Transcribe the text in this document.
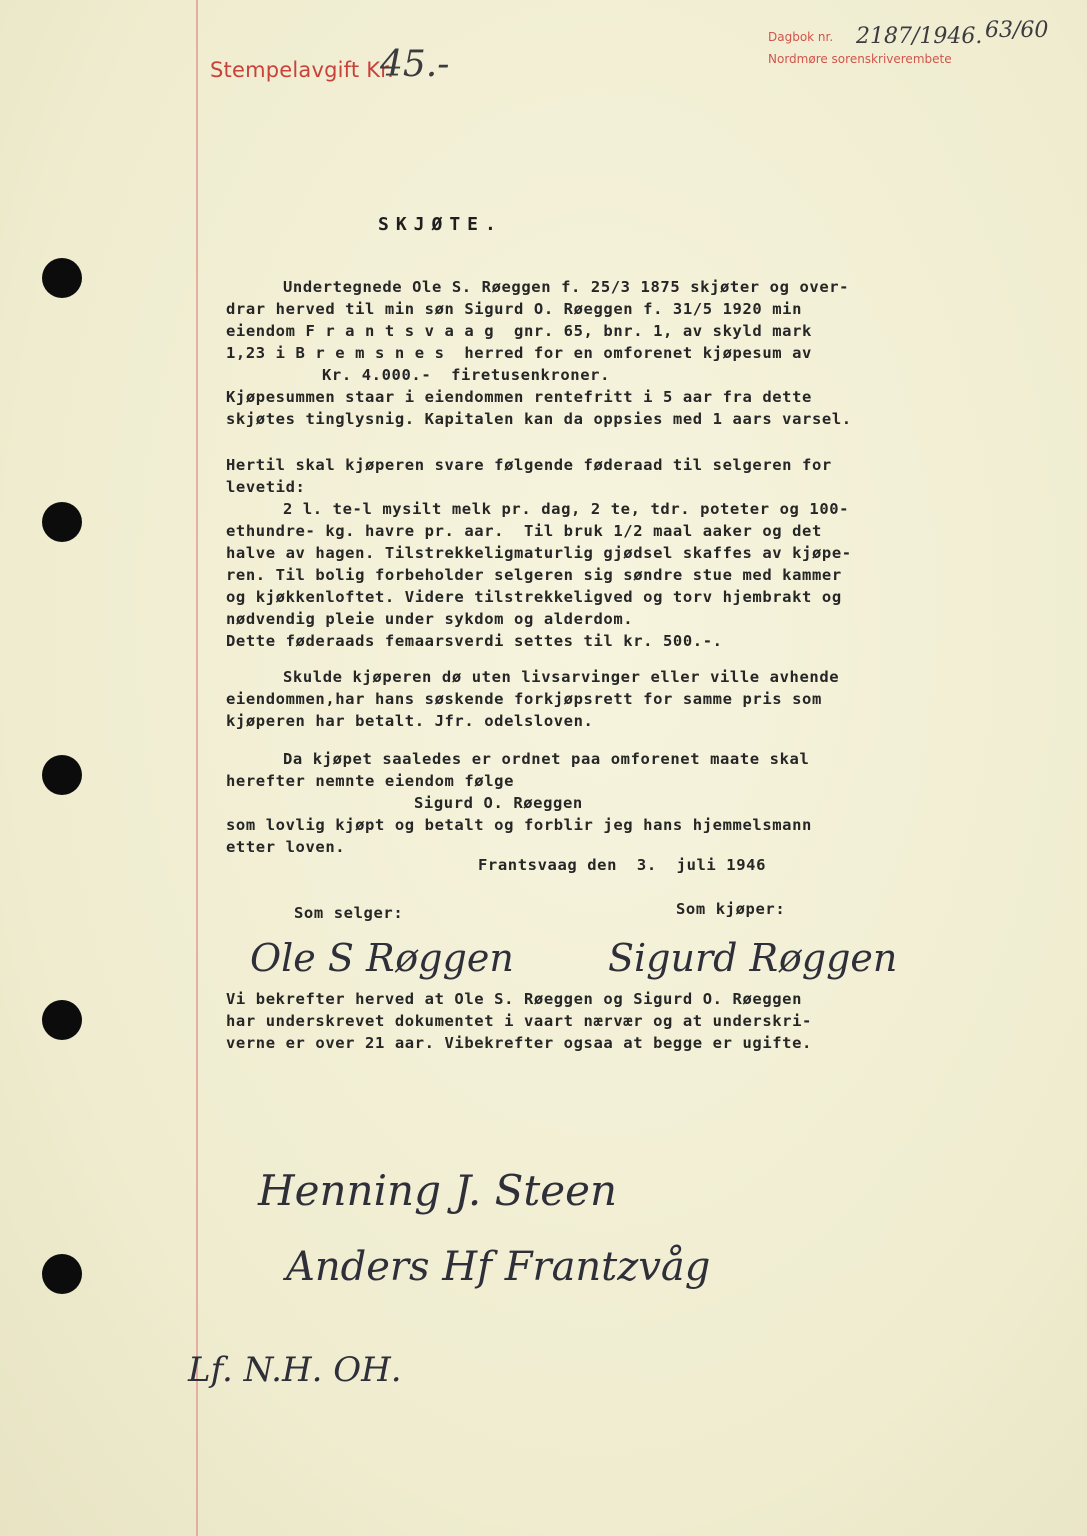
Stempelavgift Kr.
45.-
Dagbok nr. 2187/1946.
Nordmøre sorenskriverembete
63/60
SKJØTE.
Undertegnede Ole S. Røeggen f. 25/3 1875 skjøter og over-
drar herved til min søn Sigurd O. Røeggen f. 31/5 1920 min
eiendom F r a n t s v a a g  gnr. 65, bnr. 1, av skyld mark
1,23 i B r e m s n e s  herred for en omforenet kjøpesum av
Kr. 4.000.-  firetusenkroner.
Kjøpesummen staar i eiendommen rentefritt i 5 aar fra dette
skjøtes tinglysnig. Kapitalen kan da oppsies med 1 aars varsel.
Hertil skal kjøperen svare følgende føderaad til selgeren for
levetid:
2 l. te-l mysilt melk pr. dag, 2 te, tdr. poteter og 100-
ethundre- kg. havre pr. aar.  Til bruk 1/2 maal aaker og det
halve av hagen. Tilstrekkeligmaturlig gjødsel skaffes av kjøpe-
ren. Til bolig forbeholder selgeren sig søndre stue med kammer
og kjøkkenloftet. Videre tilstrekkeligved og torv hjembrakt og
nødvendig pleie under sykdom og alderdom.
Dette føderaads femaarsverdi settes til kr. 500.-.
Skulde kjøperen dø uten livsarvinger eller ville avhende
eiendommen,har hans søskende forkjøpsrett for samme pris som
kjøperen har betalt. Jfr. odelsloven.
Da kjøpet saaledes er ordnet paa omforenet maate skal
herefter nemnte eiendom følge
Sigurd O. Røeggen
som lovlig kjøpt og betalt og forblir jeg hans hjemmelsmann
etter loven.
Frantsvaag den  3.  juli 1946
Som selger:	Som kjøper:
Ole S Røggen Sigurd Røggen
Vi bekrefter herved at Ole S. Røeggen og Sigurd O. Røeggen
har underskrevet dokumentet i vaart nærvær og at underskri-
verne er over 21 aar. Vibekrefter ogsaa at begge er ugifte.
Henning J. Steen
Anders Hf Frantzvåg
Lf. N.H. OH.
